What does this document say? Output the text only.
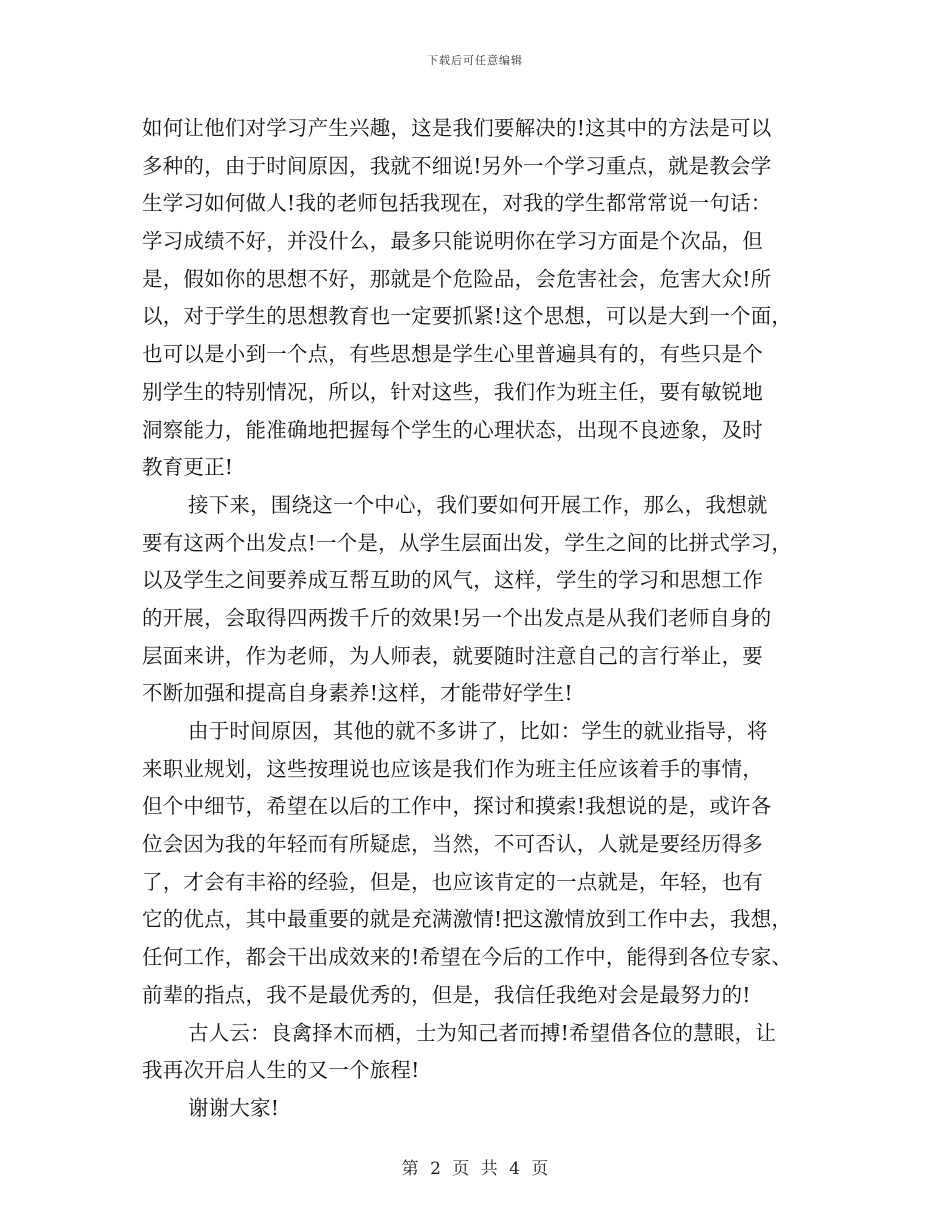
下载后可任意编辑
如何让他们对学习产生兴趣，这是我们要解决的!这其中的方法是可以
多种的，由于时间原因，我就不细说!另外一个学习重点，就是教会学
生学习如何做人!我的老师包括我现在，对我的学生都常常说一句话：
学习成绩不好，并没什么，最多只能说明你在学习方面是个次品，但
是，假如你的思想不好，那就是个危险品，会危害社会，危害大众!所
以，对于学生的思想教育也一定要抓紧!这个思想，可以是大到一个面，
也可以是小到一个点，有些思想是学生心里普遍具有的，有些只是个
别学生的特别情况，所以，针对这些，我们作为班主任，要有敏锐地
洞察能力，能准确地把握每个学生的心理状态，出现不良迹象，及时
教育更正!
接下来，围绕这一个中心，我们要如何开展工作，那么，我想就
要有这两个出发点!一个是，从学生层面出发，学生之间的比拼式学习，
以及学生之间要养成互帮互助的风气，这样，学生的学习和思想工作
的开展，会取得四两拨千斤的效果!另一个出发点是从我们老师自身的
层面来讲，作为老师，为人师表，就要随时注意自己的言行举止，要
不断加强和提高自身素养!这样，才能带好学生!
由于时间原因，其他的就不多讲了，比如：学生的就业指导，将
来职业规划，这些按理说也应该是我们作为班主任应该着手的事情，
但个中细节，希望在以后的工作中，探讨和摸索!我想说的是，或许各
位会因为我的年轻而有所疑虑，当然，不可否认，人就是要经历得多
了，才会有丰裕的经验，但是，也应该肯定的一点就是，年轻，也有
它的优点，其中最重要的就是充满激情!把这激情放到工作中去，我想，
任何工作，都会干出成效来的!希望在今后的工作中，能得到各位专家、
前辈的指点，我不是最优秀的，但是，我信任我绝对会是最努力的!
古人云：良禽择木而栖，士为知己者而搏!希望借各位的慧眼，让
我再次开启人生的又一个旅程!
谢谢大家!
第 2 页 共 4 页
